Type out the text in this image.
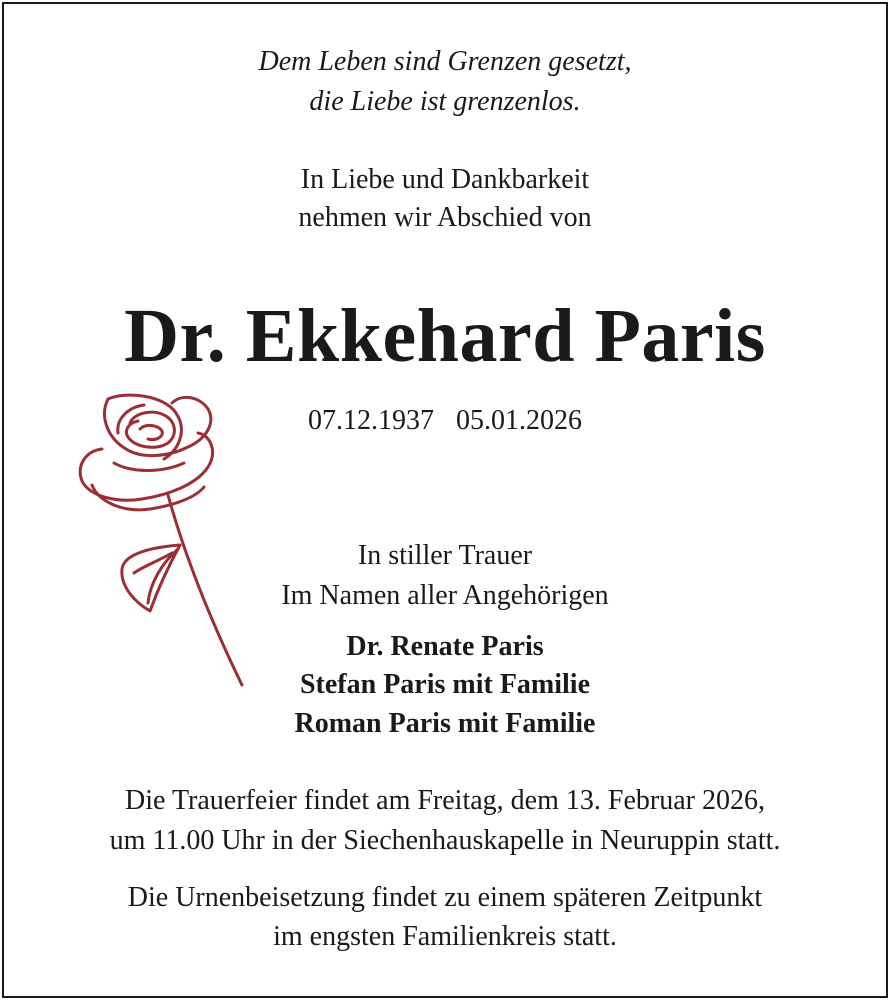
Dem Leben sind Grenzen gesetzt,
die Liebe ist grenzenlos.
In Liebe und Dankbarkeit
nehmen wir Abschied von
Dr. Ekkehard Paris
07.12.1937 05.01.2026
In stiller Trauer
Im Namen aller Angehörigen
Dr. Renate Paris
Stefan Paris mit Familie
Roman Paris mit Familie
Die Trauerfeier findet am Freitag, dem 13. Februar 2026,
um 11.00 Uhr in der Siechenhauskapelle in Neuruppin statt.
Die Urnenbeisetzung findet zu einem späteren Zeitpunkt
im engsten Familienkreis statt.
